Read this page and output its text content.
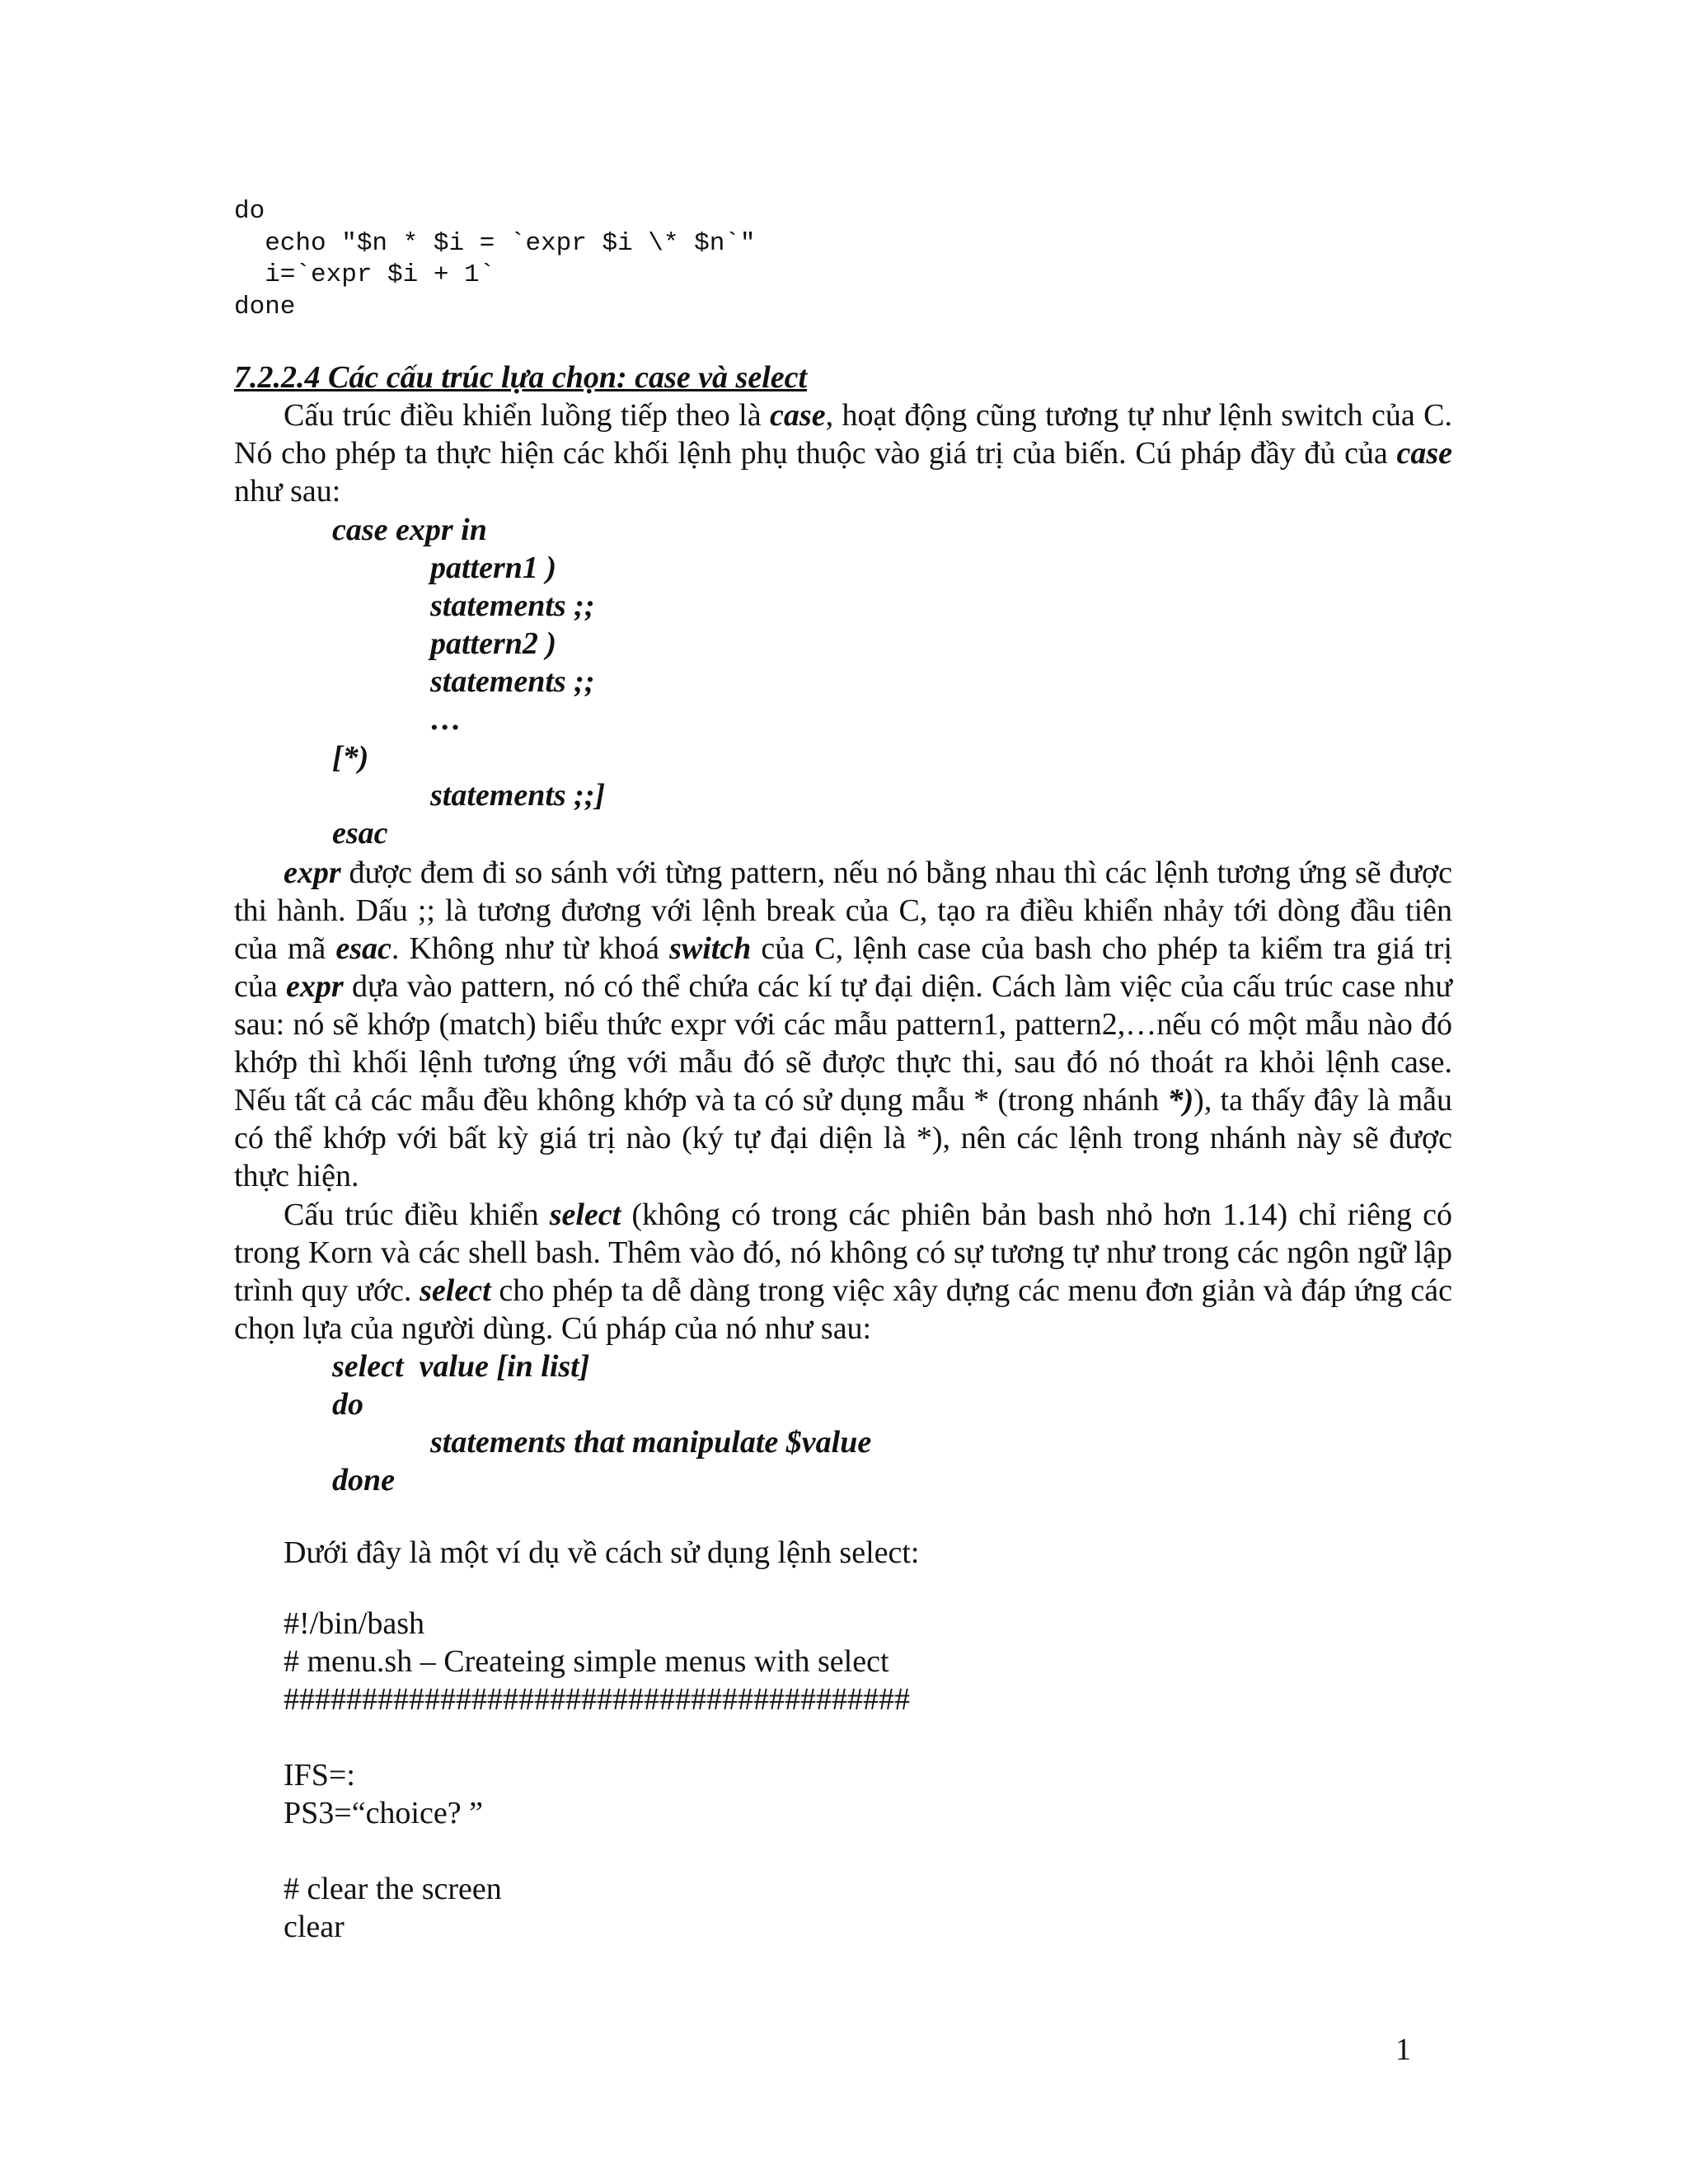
do
echo "$n * $i = `expr $i \* $n`"
i=`expr $i + 1`
done
7.2.2.4 Các cấu trúc lựa chọn: case và select
Cấu trúc điều khiển luồng tiếp theo là case, hoạt động cũng tương tự như lệnh switch của C. Nó cho phép ta thực hiện các khối lệnh phụ thuộc vào giá trị của biến. Cú pháp đầy đủ của case như sau:
case expr in
pattern1 )
statements ;;
pattern2 )
statements ;;
…
[*)
statements ;;]
esac
expr được đem đi so sánh với từng pattern, nếu nó bằng nhau thì các lệnh tương ứng sẽ được thi hành. Dấu ;; là tương đương với lệnh break của C, tạo ra điều khiển nhảy tới dòng đầu tiên của mã esac. Không như từ khoá switch của C, lệnh case của bash cho phép ta kiểm tra giá trị của expr dựa vào pattern, nó có thể chứa các kí tự đại diện. Cách làm việc của cấu trúc case như sau: nó sẽ khớp (match) biểu thức expr với các mẫu pattern1, pattern2,…nếu có một mẫu nào đó khớp thì khối lệnh tương ứng với mẫu đó sẽ được thực thi, sau đó nó thoát ra khỏi lệnh case. Nếu tất cả các mẫu đều không khớp và ta có sử dụng mẫu * (trong nhánh *)), ta thấy đây là mẫu có thể khớp với bất kỳ giá trị nào (ký tự đại diện là *), nên các lệnh trong nhánh này sẽ được thực hiện.
Cấu trúc điều khiển select (không có trong các phiên bản bash nhỏ hơn 1.14) chỉ riêng có trong Korn và các shell bash. Thêm vào đó, nó không có sự tương tự như trong các ngôn ngữ lập trình quy ước. select cho phép ta dễ dàng trong việc xây dựng các menu đơn giản và đáp ứng các chọn lựa của người dùng. Cú pháp của nó như sau:
select  value [in list]
do
statements that manipulate $value
done
Dưới đây là một ví dụ về cách sử dụng lệnh select:
#!/bin/bash
# menu.sh – Createing simple menus with select
########################################
IFS=:
PS3=“choice? ”
# clear the screen
clear
1
